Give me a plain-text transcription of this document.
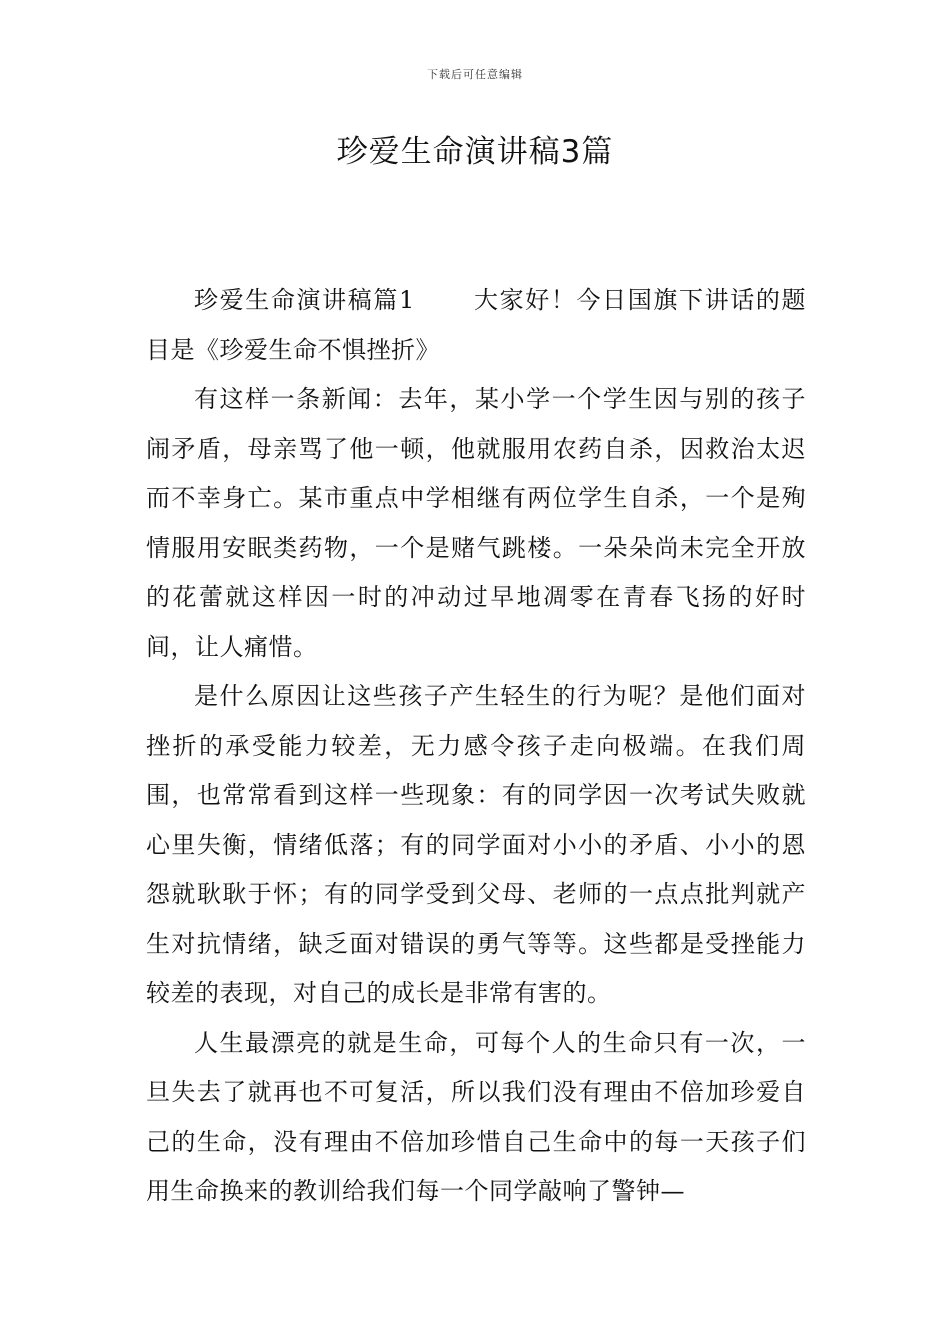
下载后可任意编辑
珍爱生命演讲稿3篇

珍爱生命演讲稿篇1 大家好！今日国旗下讲话的题目是《珍爱生命不惧挫折》

有这样一条新闻：去年，某小学一个学生因与别的孩子闹矛盾，母亲骂了他一顿，他就服用农药自杀，因救治太迟而不幸身亡。某市重点中学相继有两位学生自杀，一个是殉情服用安眠类药物，一个是赌气跳楼。一朵朵尚未完全开放的花蕾就这样因一时的冲动过早地凋零在青春飞扬的好时间，让人痛惜。

是什么原因让这些孩子产生轻生的行为呢？是他们面对挫折的承受能力较差，无力感令孩子走向极端。在我们周围，也常常看到这样一些现象：有的同学因一次考试失败就心里失衡，情绪低落；有的同学面对小小的矛盾、小小的恩怨就耿耿于怀；有的同学受到父母、老师的一点点批判就产生对抗情绪，缺乏面对错误的勇气等等。这些都是受挫能力较差的表现，对自己的成长是非常有害的。

人生最漂亮的就是生命，可每个人的生命只有一次，一旦失去了就再也不可复活，所以我们没有理由不倍加珍爱自己的生命，没有理由不倍加珍惜自己生命中的每一天孩子们用生命换来的教训给我们每一个同学敲响了警钟—
